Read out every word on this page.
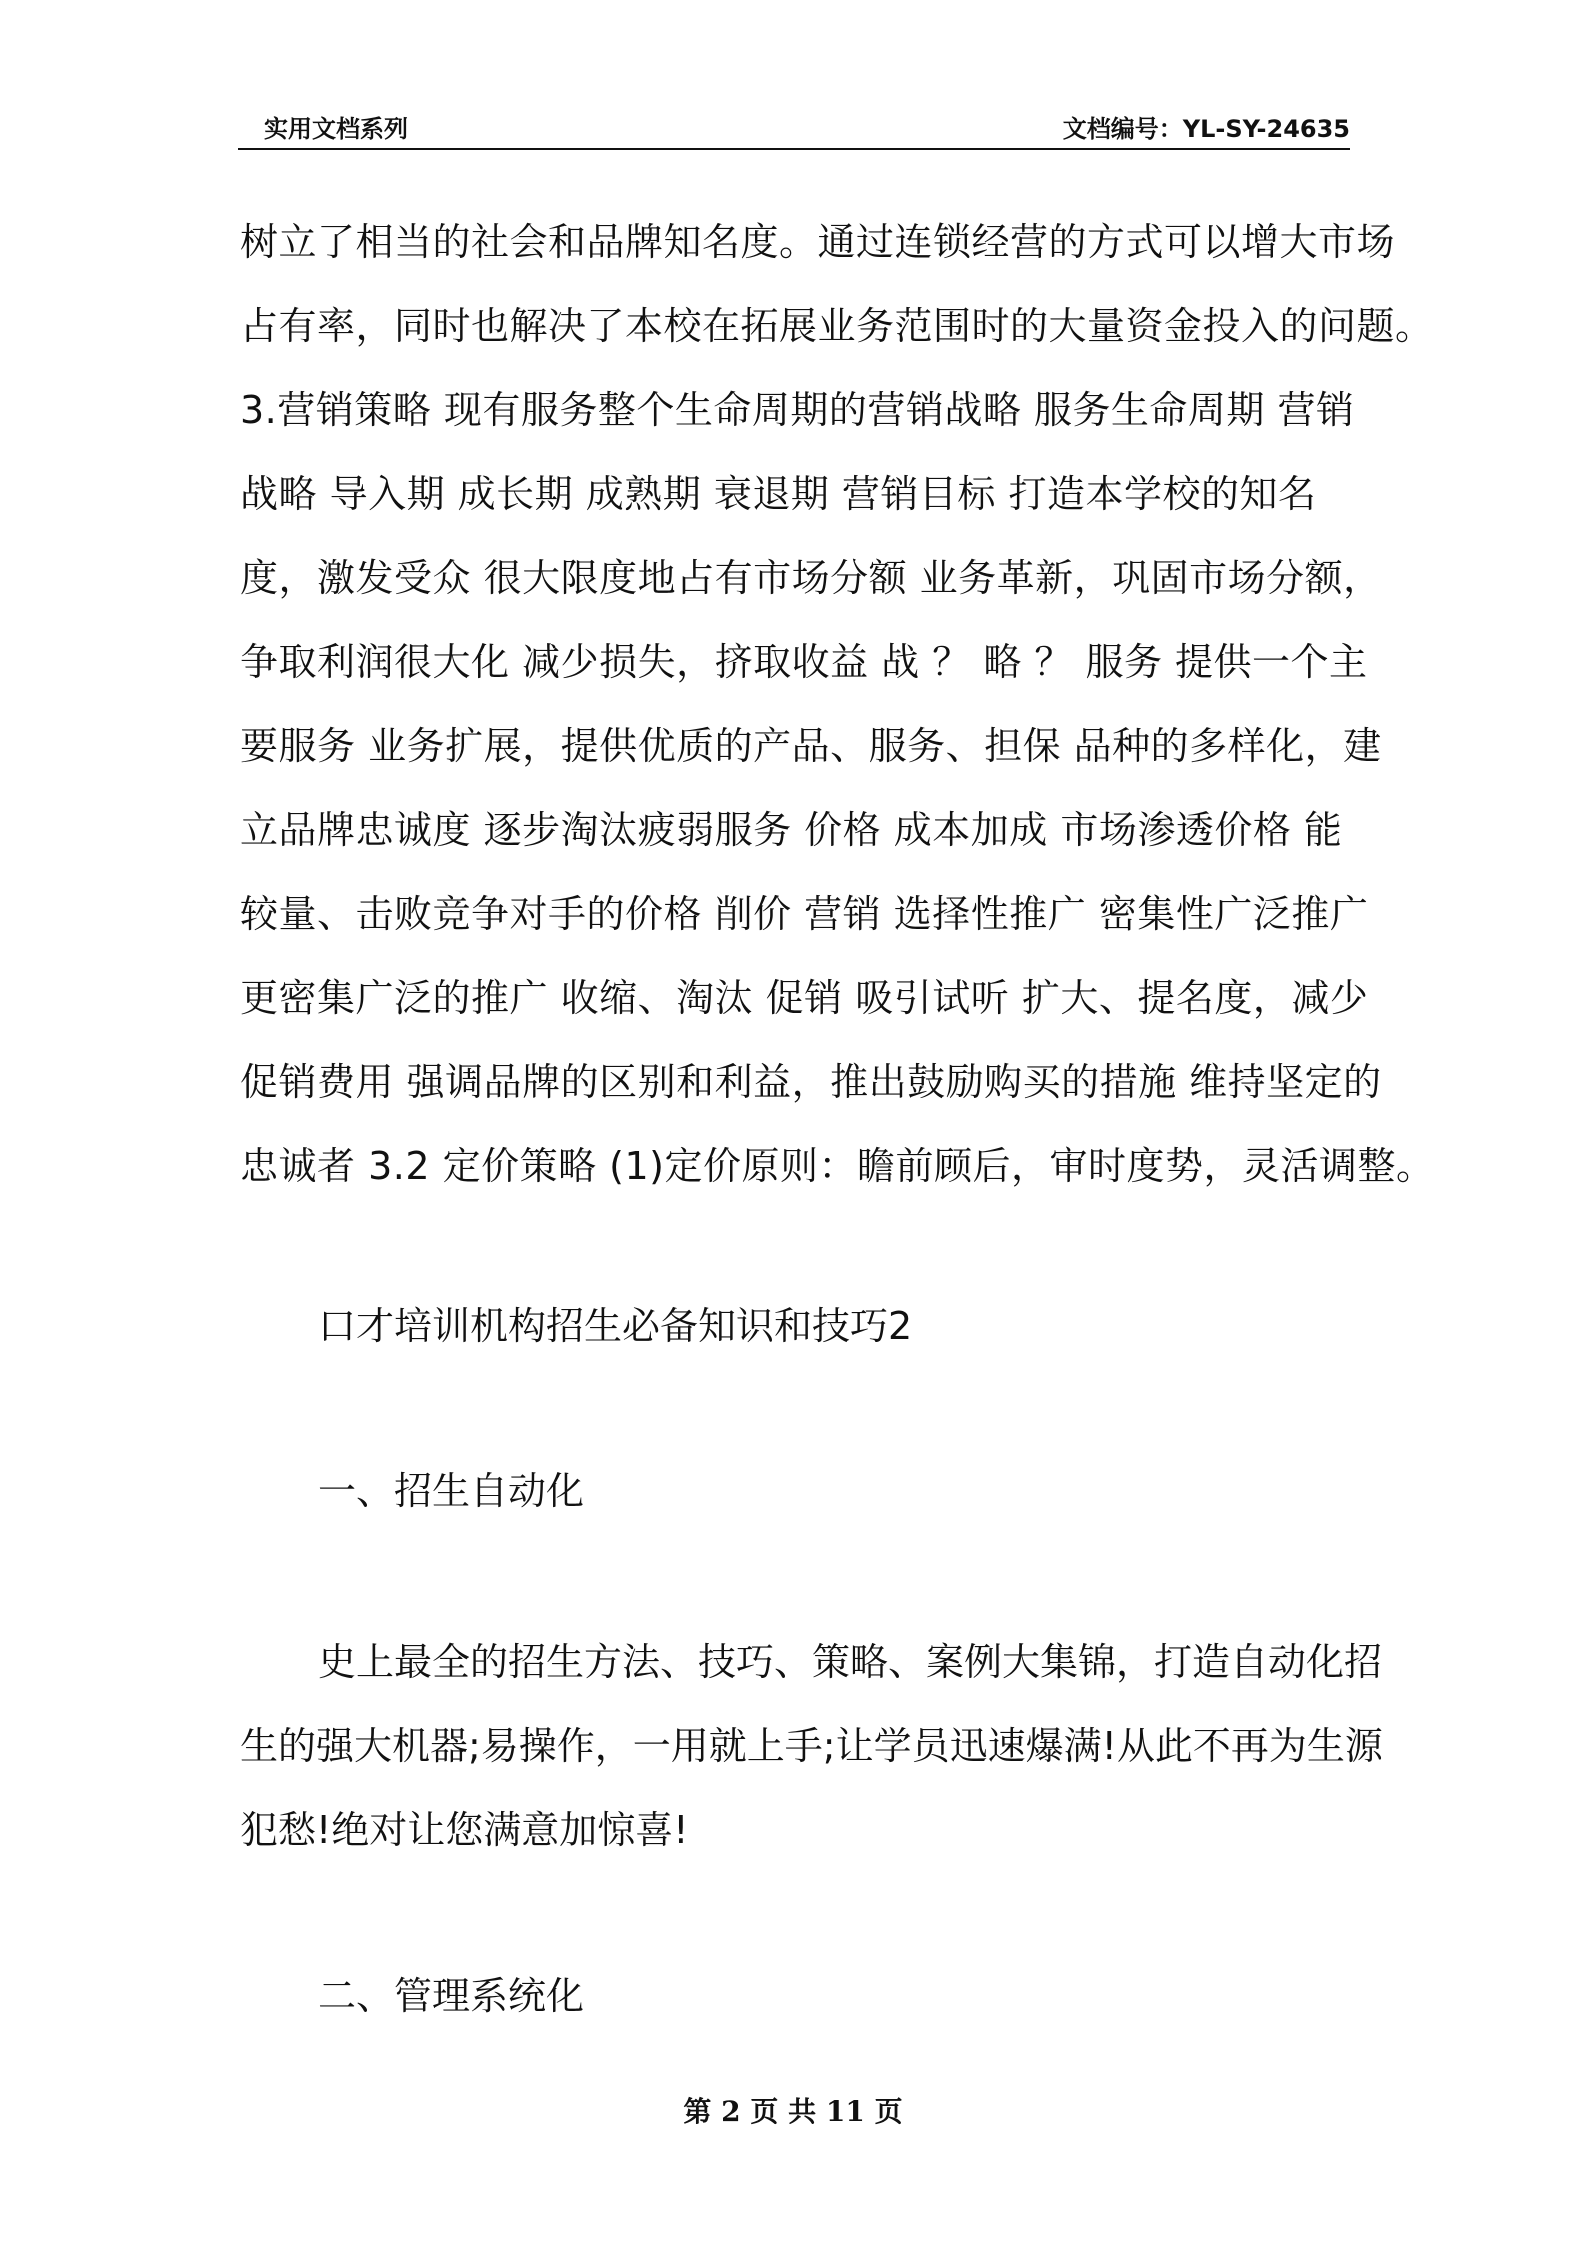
实用文档系列	文档编号：YL-SY-24635
树立了相当的社会和品牌知名度。通过连锁经营的方式可以增大市场
占有率，同时也解决了本校在拓展业务范围时的大量资金投入的问题。
3.营销策略 现有服务整个生命周期的营销战略 服务生命周期 营销
战略 导入期 成长期 成熟期 衰退期 营销目标 打造本学校的知名
度，激发受众 很大限度地占有市场分额 业务革新，巩固市场分额，
争取利润很大化 减少损失，挤取收益 战 ？ 略 ？ 服务 提供一个主
要服务 业务扩展，提供优质的产品、服务、担保 品种的多样化，建
立品牌忠诚度 逐步淘汰疲弱服务 价格 成本加成 市场渗透价格 能
较量、击败竞争对手的价格 削价 营销 选择性推广 密集性广泛推广
更密集广泛的推广 收缩、淘汰 促销 吸引试听 扩大、提名度，减少
促销费用 强调品牌的区别和利益，推出鼓励购买的措施 维持坚定的
忠诚者 3.2 定价策略 (1)定价原则：瞻前顾后，审时度势，灵活调整。
口才培训机构招生必备知识和技巧2
一、招生自动化
史上最全的招生方法、技巧、策略、案例大集锦，打造自动化招
生的强大机器;易操作，一用就上手;让学员迅速爆满!从此不再为生源
犯愁!绝对让您满意加惊喜!
二、管理系统化
第 2 页 共 11 页
